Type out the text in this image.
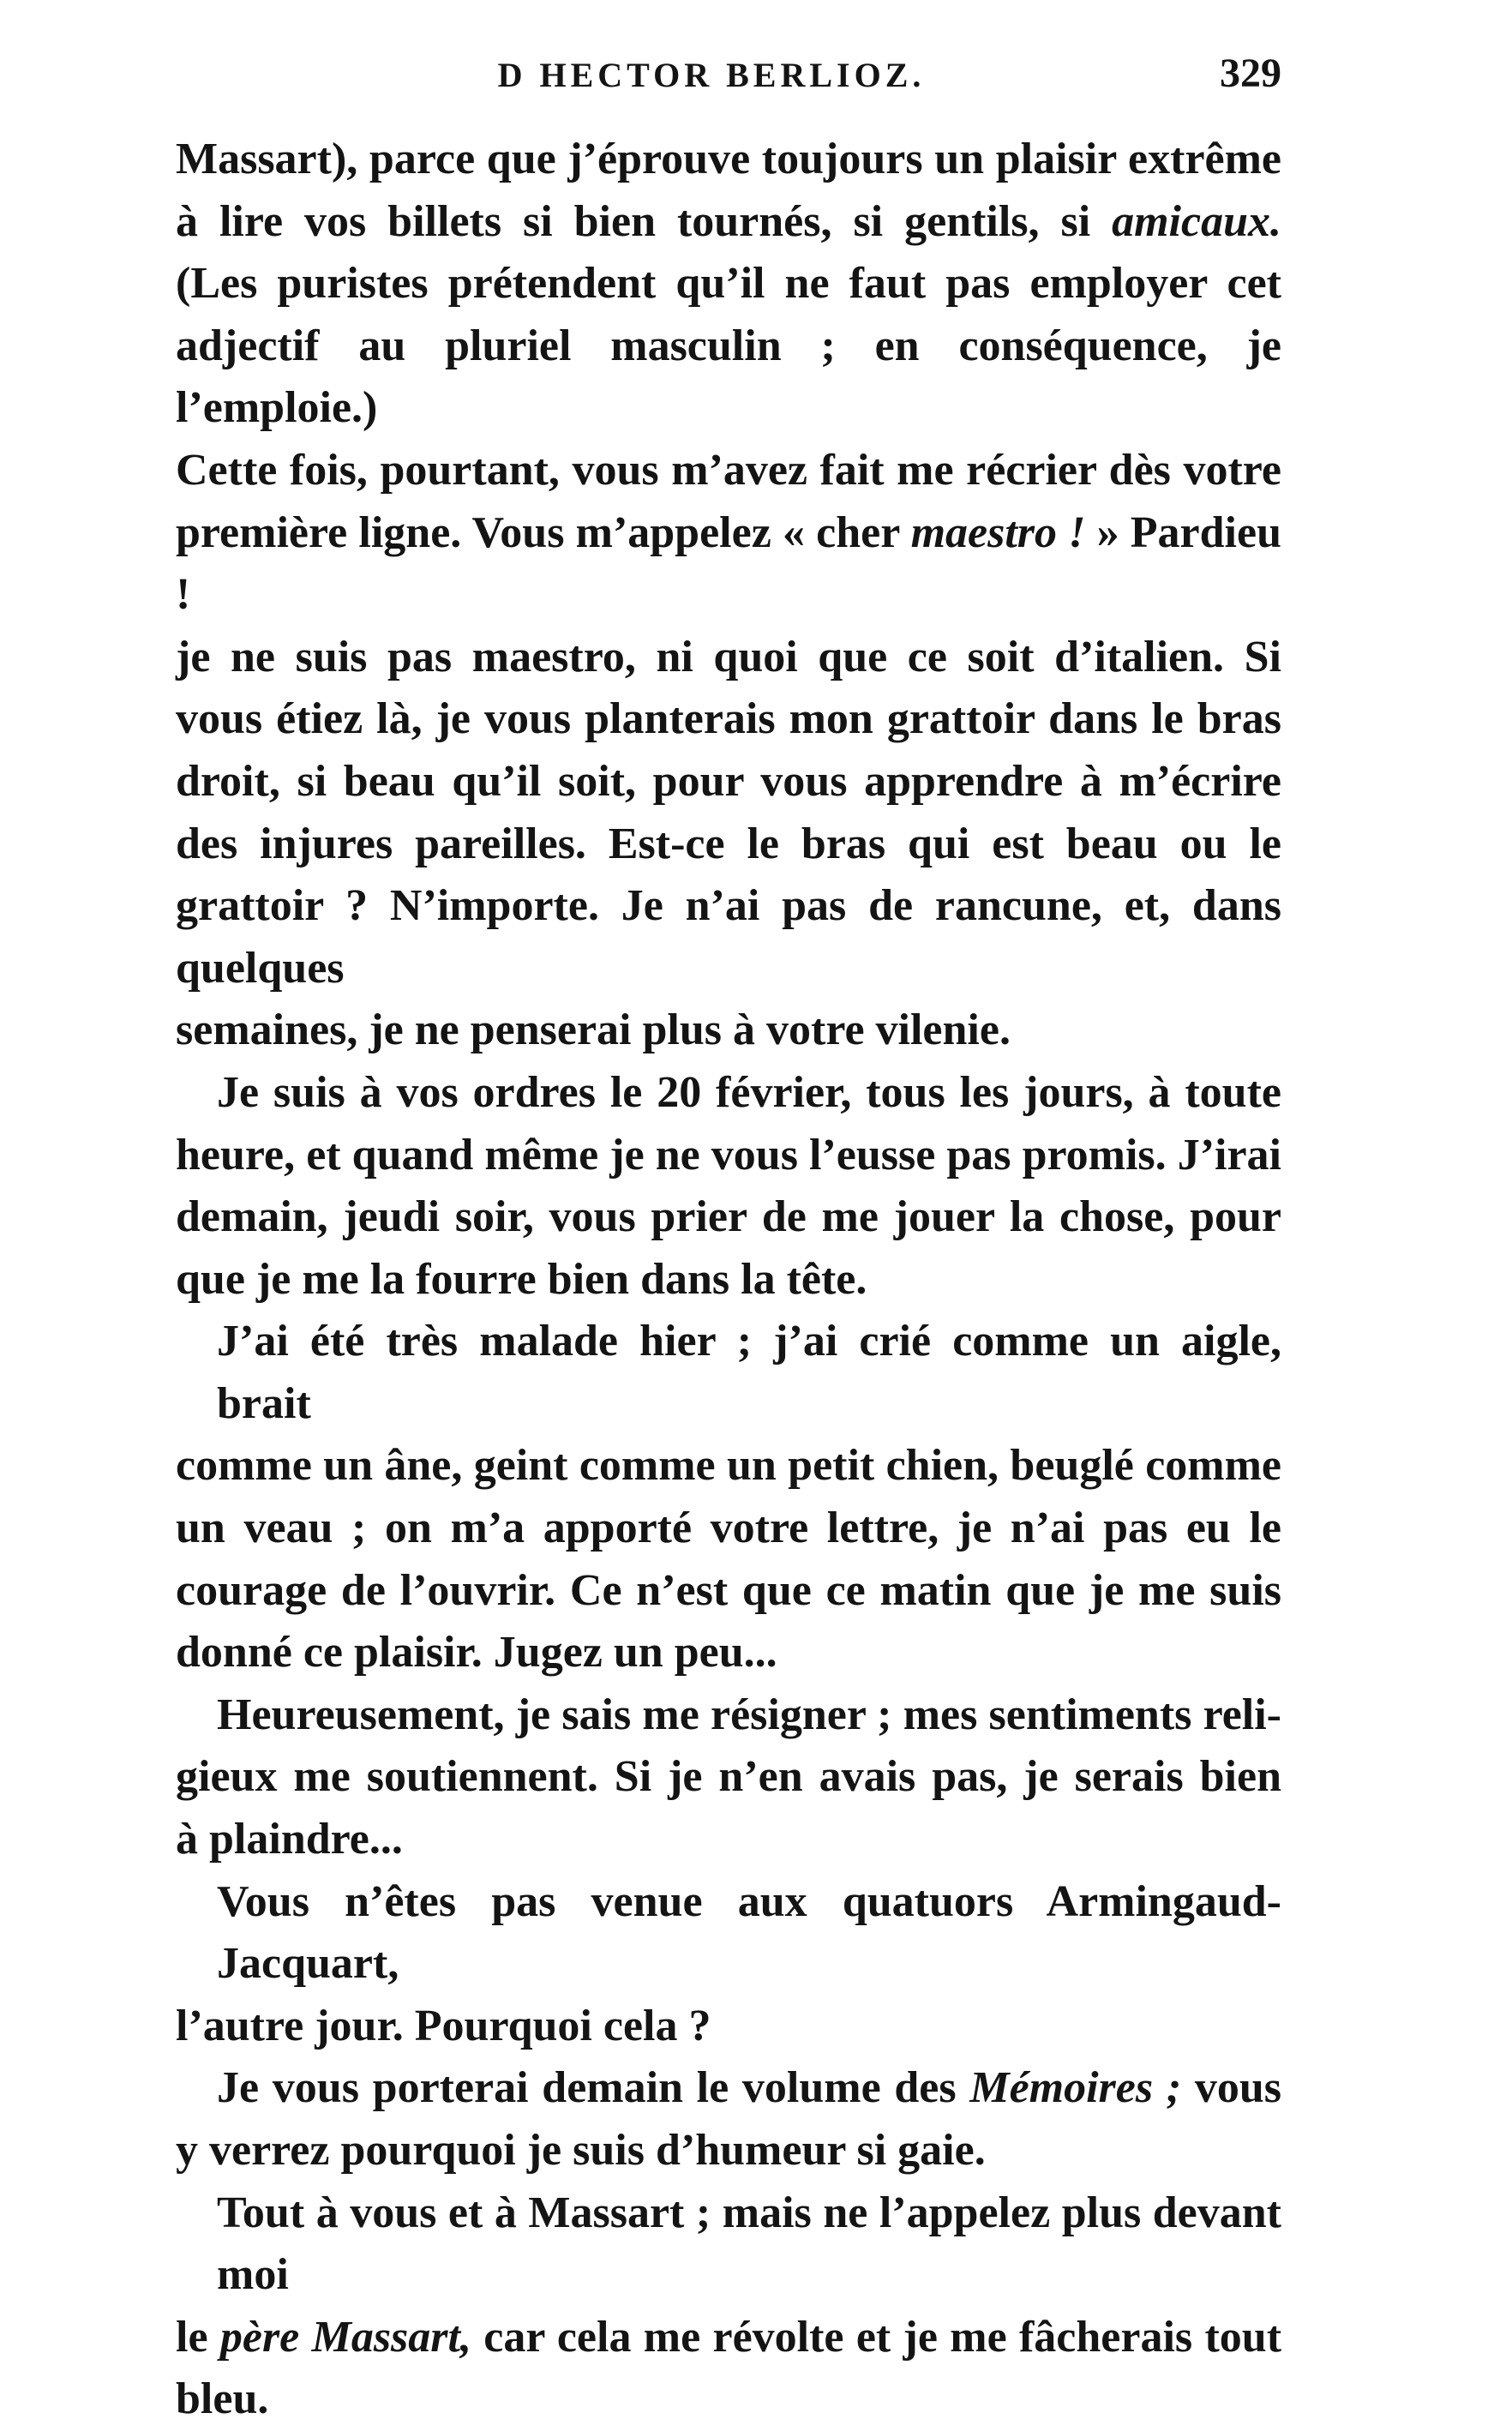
D HECTOR BERLIOZ.	329

Massart), parce que j’éprouve toujours un plaisir extrême
à lire vos billets si bien tournés, si gentils, si amicaux.
(Les puristes prétendent qu’il ne faut pas employer cet
adjectif au pluriel masculin ; en conséquence, je l’emploie.)
Cette fois, pourtant, vous m’avez fait me récrier dès votre
première ligne. Vous m’appelez « cher maestro ! » Pardieu !
je ne suis pas maestro, ni quoi que ce soit d’italien. Si
vous étiez là, je vous planterais mon grattoir dans le bras
droit, si beau qu’il soit, pour vous apprendre à m’écrire
des injures pareilles. Est-ce le bras qui est beau ou le
grattoir ? N’importe. Je n’ai pas de rancune, et, dans quelques
semaines, je ne penserai plus à votre vilenie.

Je suis à vos ordres le 20 février, tous les jours, à toute
heure, et quand même je ne vous l’eusse pas promis. J’irai
demain, jeudi soir, vous prier de me jouer la chose, pour
que je me la fourre bien dans la tête.

J’ai été très malade hier ; j’ai crié comme un aigle, brait
comme un âne, geint comme un petit chien, beuglé comme
un veau ; on m’a apporté votre lettre, je n’ai pas eu le
courage de l’ouvrir. Ce n’est que ce matin que je me suis
donné ce plaisir. Jugez un peu...

Heureusement, je sais me résigner ; mes sentiments reli-
gieux me soutiennent. Si je n’en avais pas, je serais bien
à plaindre...

Vous n’êtes pas venue aux quatuors Armingaud-Jacquart,
l’autre jour. Pourquoi cela ?

Je vous porterai demain le volume des Mémoires ; vous
y verrez pourquoi je suis d’humeur si gaie.

Tout à vous et à Massart ; mais ne l’appelez plus devant moi
le père Massart, car cela me révolte et je me fâcherais tout bleu.
